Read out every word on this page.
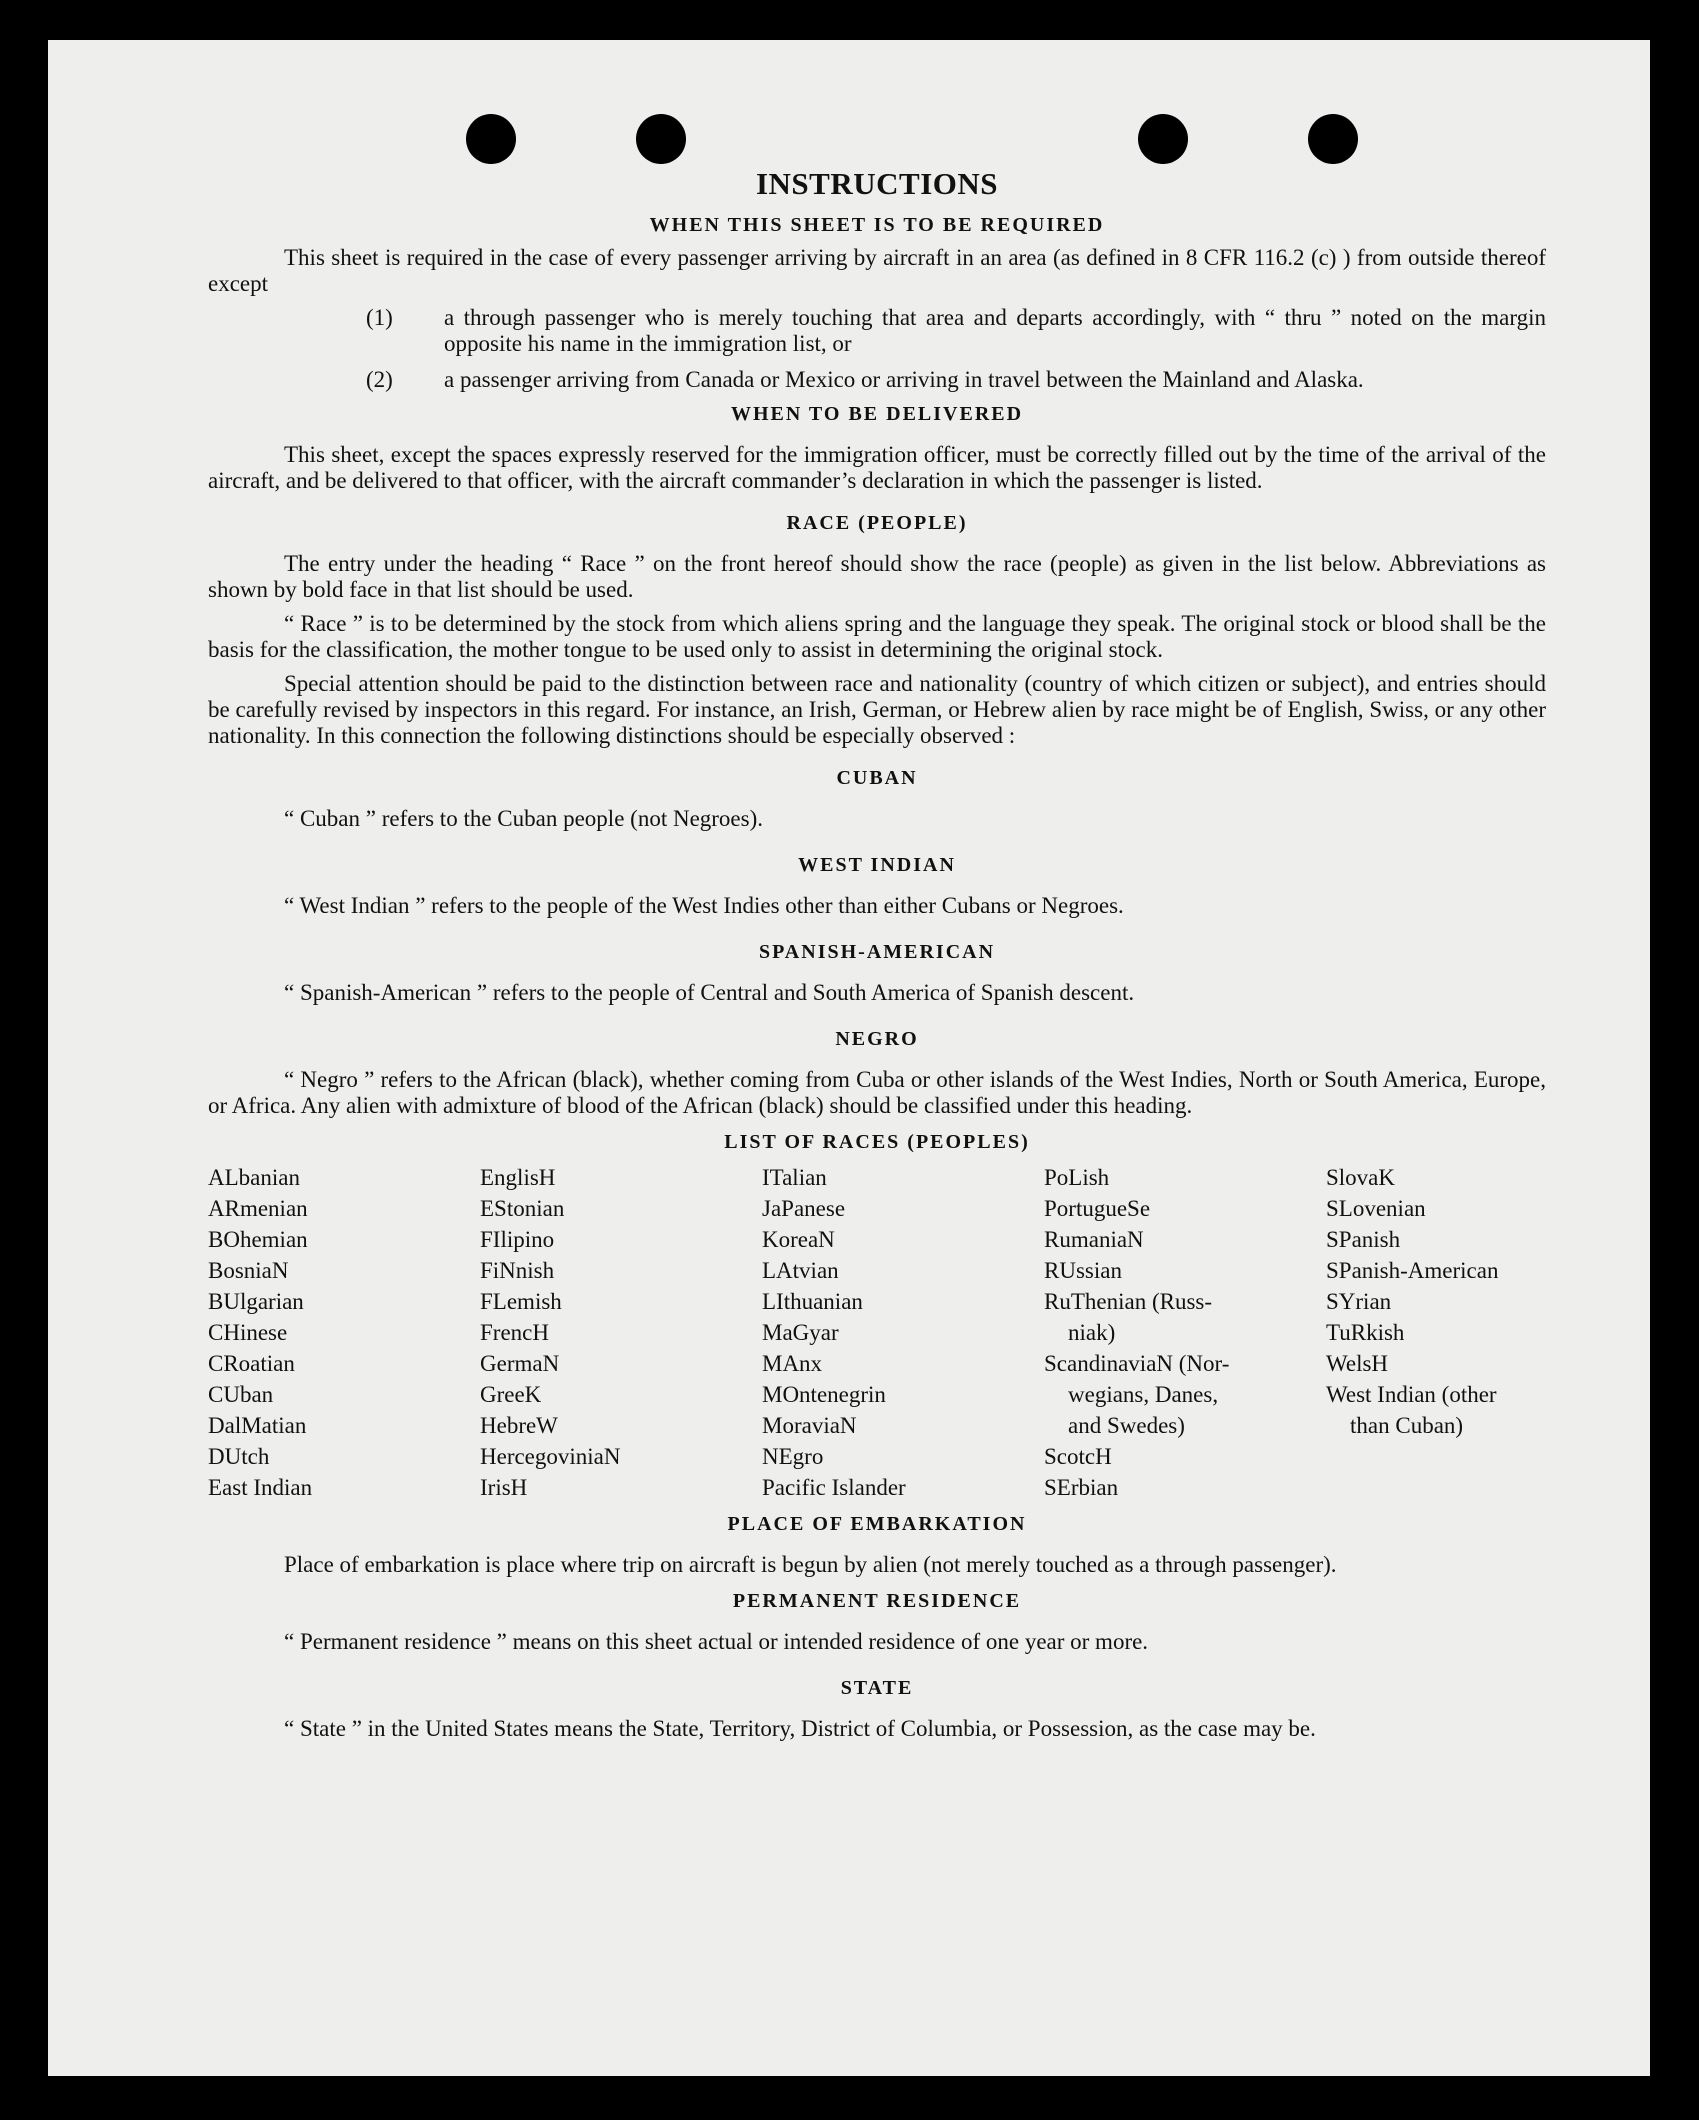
INSTRUCTIONS
WHEN THIS SHEET IS TO BE REQUIRED

This sheet is required in the case of every passenger arriving by aircraft in an area (as defined in 8 CFR 116.2 (c) ) from outside thereof except

(1) a through passenger who is merely touching that area and departs accordingly, with “ thru ” noted on the margin opposite his name in the immigration list, or
(2) a passenger arriving from Canada or Mexico or arriving in travel between the Mainland and Alaska.
WHEN TO BE DELIVERED

This sheet, except the spaces expressly reserved for the immigration officer, must be correctly filled out by the time of the arrival of the aircraft, and be delivered to that officer, with the aircraft commander’s declaration in which the passenger is listed.

RACE (PEOPLE)

The entry under the heading “ Race ” on the front hereof should show the race (people) as given in the list below. Abbreviations as shown by bold face in that list should be used.

“ Race ” is to be determined by the stock from which aliens spring and the language they speak. The original stock or blood shall be the basis for the classification, the mother tongue to be used only to assist in determining the original stock.

Special attention should be paid to the distinction between race and nationality (country of which citizen or subject), and entries should be carefully revised by inspectors in this regard. For instance, an Irish, German, or Hebrew alien by race might be of English, Swiss, or any other nationality. In this connection the following distinctions should be especially observed :

CUBAN
“ Cuban ” refers to the Cuban people (not Negroes).
WEST INDIAN
“ West Indian ” refers to the people of the West Indies other than either Cubans or Negroes.
SPANISH-AMERICAN
“ Spanish-American ” refers to the people of Central and South America of Spanish descent.
NEGRO

“ Negro ” refers to the African (black), whether coming from Cuba or other islands of the West Indies, North or South America, Europe, or Africa. Any alien with admixture of blood of the African (black) should be classified under this heading.

LIST OF RACES (PEOPLES)
ALbanian
ARmenian
BOhemian
BosniaN
BUlgarian
CHinese
CRoatian
CUban
DalMatian
DUtch
East Indian
EnglisH
EStonian
FIlipino
FiNnish
FLemish
FrencH
GermaN
GreeK
HebreW
HercegoviniaN
IrisH
ITalian
JaPanese
KoreaN
LAtvian
LIthuanian
MaGyar
MAnx
MOntenegrin
MoraviaN
NEgro
Pacific Islander
PoLish
PortugueSe
RumaniaN
RUssian
RuThenian (Russ-
niak)
ScandinaviaN (Nor-
wegians, Danes,
and Swedes)
ScotcH
SErbian
SlovaK
SLovenian
SPanish
SPanish-American
SYrian
TuRkish
WelsH
West Indian (other
than Cuban)
PLACE OF EMBARKATION

Place of embarkation is place where trip on aircraft is begun by alien (not merely touched as a through passenger).

PERMANENT RESIDENCE
“ Permanent residence ” means on this sheet actual or intended residence of one year or more.
STATE

“ State ” in the United States means the State, Territory, District of Columbia, or Possession, as the case may be.
